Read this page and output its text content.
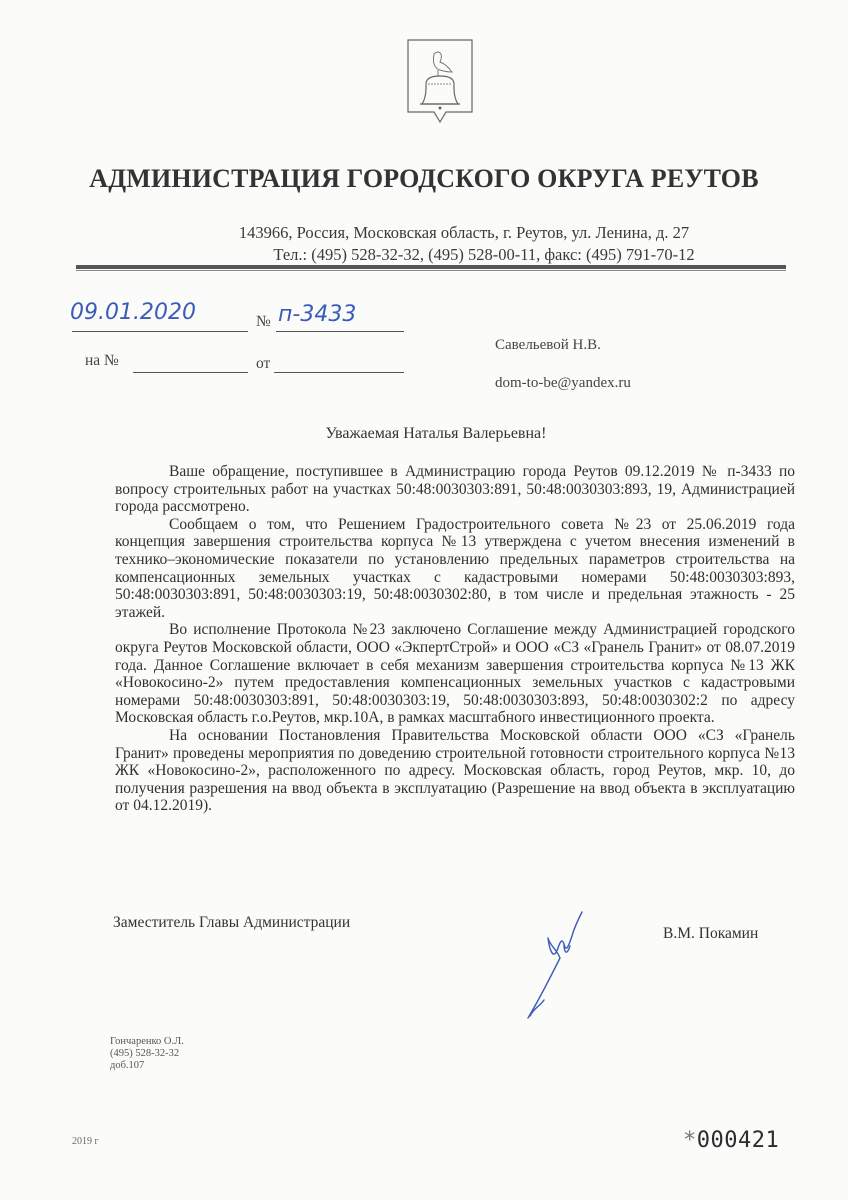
АДМИНИСТРАЦИЯ ГОРОДСКОГО ОКРУГА РЕУТОВ
143966, Россия, Московская область, г. Реутов, ул. Ленина, д. 27
Тел.: (495) 528-32-32, (495) 528-00-11, факс: (495) 791-70-12
09.01.2020	№ п-3433
на №	от
Савельевой Н.В.
dom-to-be@yandex.ru
Уважаемая Наталья Валерьевна!

Ваше обращение, поступившее в Администрацию города Реутов 09.12.2019 № п-3433 по вопросу строительных работ на участках 50:48:0030303:891, 50:48:0030303:893, 19, Администрацией города рассмотрено.

Сообщаем о том, что Решением Градостроительного совета №23 от 25.06.2019 года концепция завершения строительства корпуса №13 утверждена с учетом внесения изменений в технико–экономические показатели по установлению предельных параметров строительства на компенсационных земельных участках с кадастровыми номерами 50:48:0030303:893, 50:48:0030303:891, 50:48:0030303:19, 50:48:0030302:80, в том числе и предельная этажность - 25 этажей.

Во исполнение Протокола №23 заключено Соглашение между Администрацией городского округа Реутов Московской области, ООО «ЭкпертСтрой» и ООО «СЗ «Гранель Гранит» от 08.07.2019 года. Данное Соглашение включает в себя механизм завершения строительства корпуса №13 ЖК «Новокосино-2» путем предоставления компенсационных земельных участков с кадастровыми номерами 50:48:0030303:891, 50:48:0030303:19, 50:48:0030303:893, 50:48:0030302:2 по адресу Московская область г.о.Реутов, мкр.10А, в рамках масштабного инвестиционного проекта.

На основании Постановления Правительства Московской области ООО «СЗ «Гранель Гранит» проведены мероприятия по доведению строительной готовности строительного корпуса №13 ЖК «Новокосино-2», расположенного по адресу. Московская область, город Реутов, мкр. 10, до получения разрешения на ввод объекта в эксплуатацию (Разрешение на ввод объекта в эксплуатацию от 04.12.2019).

Заместитель Главы Администрации
В.М. Покамин
Гончаренко О.Л.
(495) 528-32-32
доб.107
2019 г	*000421
